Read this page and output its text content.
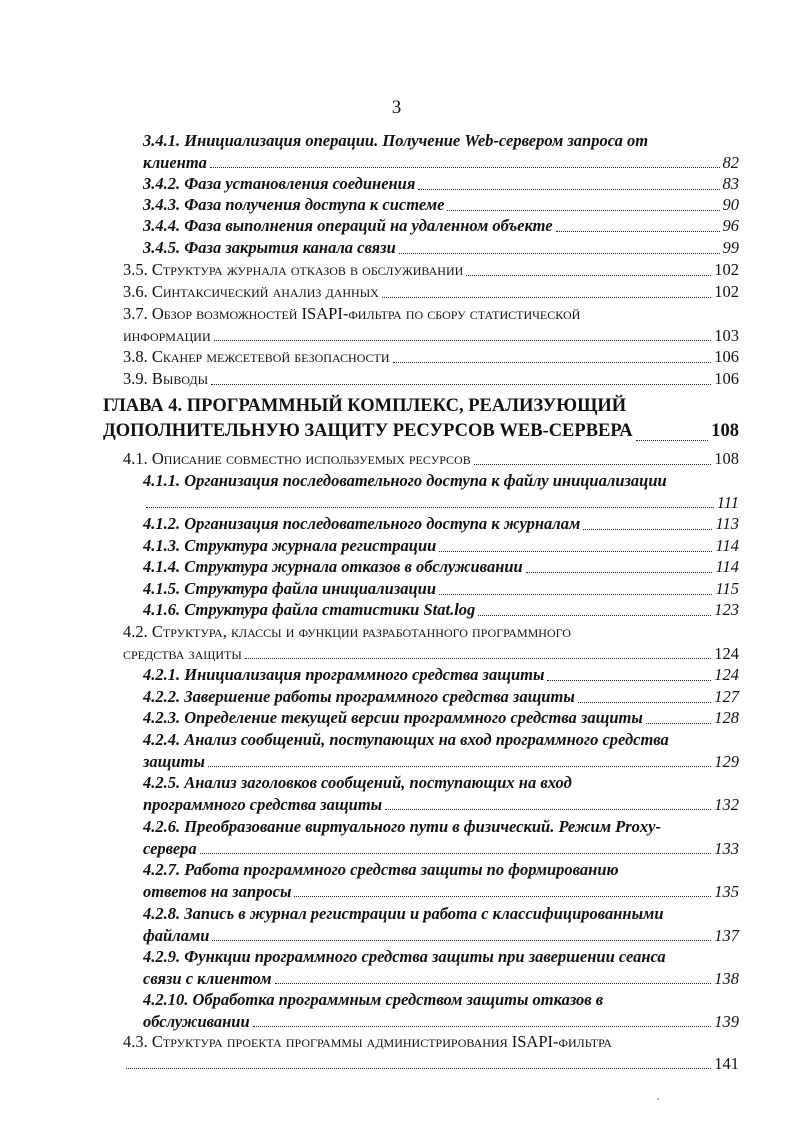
3
3.4.1. Инициализация операции. Получение Web-сервером запроса от
клиента	82
3.4.2. Фаза установления соединения	83
3.4.3. Фаза получения доступа к системе	90
3.4.4. Фаза выполнения операций на удаленном объекте	96
3.4.5. Фаза закрытия канала связи	99
3.5. Структура журнала отказов в обслуживании	102
3.6. Синтаксический анализ данных	102
3.7. Обзор возможностей ISAPI-фильтра по сбору статистической
информации	103
3.8. Сканер межсетевой безопасности	106
3.9. Выводы	106
ГЛАВА 4. ПРОГРАММНЫЙ КОМПЛЕКС, РЕАЛИЗУЮЩИЙ
ДОПОЛНИТЕЛЬНУЮ ЗАЩИТУ РЕСУРСОВ WEB-СЕРВЕРА	108
4.1. Описание совместно используемых ресурсов	108
4.1.1. Организация последовательного доступа к файлу инициализации
111
4.1.2. Организация последовательного доступа к журналам	113
4.1.3. Структура журнала регистрации	114
4.1.4. Структура журнала отказов в обслуживании	114
4.1.5. Структура файла инициализации	115
4.1.6. Структура файла статистики Stat.log	123
4.2. Структура, классы и функции разработанного программного
средства защиты	124
4.2.1. Инициализация программного средства защиты	124
4.2.2. Завершение работы программного средства защиты	127
4.2.3. Определение текущей версии программного средства защиты	128
4.2.4. Анализ сообщений, поступающих на вход программного средства
защиты	129
4.2.5. Анализ заголовков сообщений, поступающих на вход
программного средства защиты	132
4.2.6. Преобразование виртуального пути в физический. Режим Proxy-
сервера	133
4.2.7. Работа программного средства защиты по формированию
ответов на запросы	135
4.2.8. Запись в журнал регистрации и работа с классифицированными
файлами	137
4.2.9. Функции программного средства защиты при завершении сеанса
связи с клиентом	138
4.2.10. Обработка программным средством защиты отказов в
обслуживании	139
4.3. Структура проекта программы администрирования ISAPI-фильтра
141
